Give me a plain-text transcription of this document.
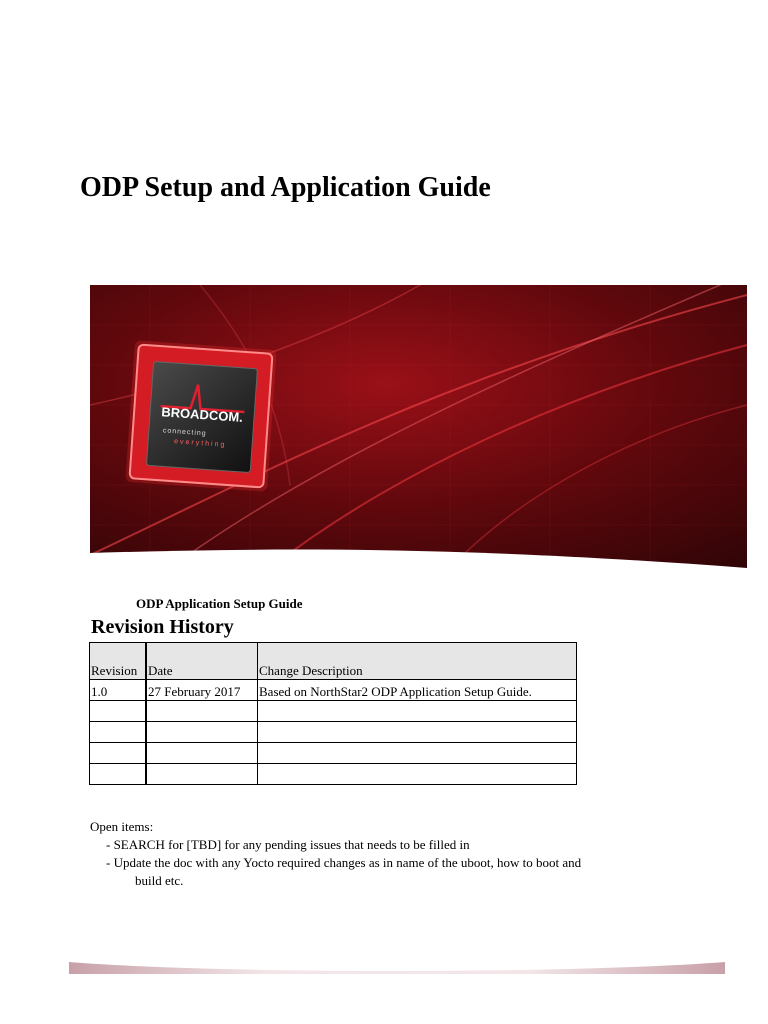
ODP Setup and Application Guide
BROADCOM.
connecting
everything
ODP Application Setup Guide
Revision History
Revision	Date	Change Description
1.0	27 February 2017	Based on NorthStar2 ODP Application Setup Guide.

Open items:
- SEARCH for [TBD] for any pending issues that needs to be filled in
- Update the doc with any Yocto required changes as in name of the uboot, how to boot and
build etc.
